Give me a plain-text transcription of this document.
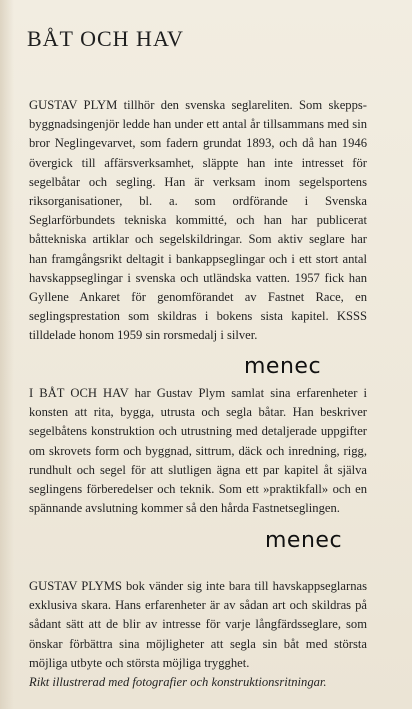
BÅT OCH HAV

GUSTAV PLYM tillhör den svenska seglareliten. Som skeppsbyggnadsingenjör ledde han under ett antal år tillsammans med sin bror Neglingevarvet, som fadern grundat 1893, och då han 1946 övergick till affärsverksamhet, släppte han inte intresset för segelbåtar och segling. Han är verksam inom segelsportens riksorganisationer, bl. a. som ordförande i Svenska Seglarförbundets tekniska kommitté, och han har publicerat båttekniska artiklar och segelskildringar. Som aktiv seglare har han framgångsrikt deltagit i bankappseglingar och i ett stort antal havskappseglingar i svenska och utländska vatten. 1957 fick han Gyllene Ankaret för genomförandet av Fastnet Race, en seglingsprestation som skildras i bokens sista kapitel. KSSS tilldelade honom 1959 sin rorsmedalj i silver.

I BÅT OCH HAV har Gustav Plym samlat sina erfarenheter i konsten att rita, bygga, utrusta och segla båtar. Han beskriver segelbåtens konstruktion och utrustning med detaljerade uppgifter om skrovets form och byggnad, sittrum, däck och inredning, rigg, rundhult och segel för att slutligen ägna ett par kapitel åt själva seglingens förberedelser och teknik. Som ett »praktikfall» och en spännande avslutning kommer så den hårda Fastnetseglingen.

GUSTAV PLYMS bok vänder sig inte bara till havskappseglarnas exklusiva skara. Hans erfarenheter är av sådan art och skildras på sådant sätt att de blir av intresse för varje långfärdsseglare, som önskar förbättra sina möjligheter att segla sin båt med största möjliga utbyte och största möjliga trygghet.

Rikt illustrerad med fotografier och konstruktionsritningar.

menec
menec
